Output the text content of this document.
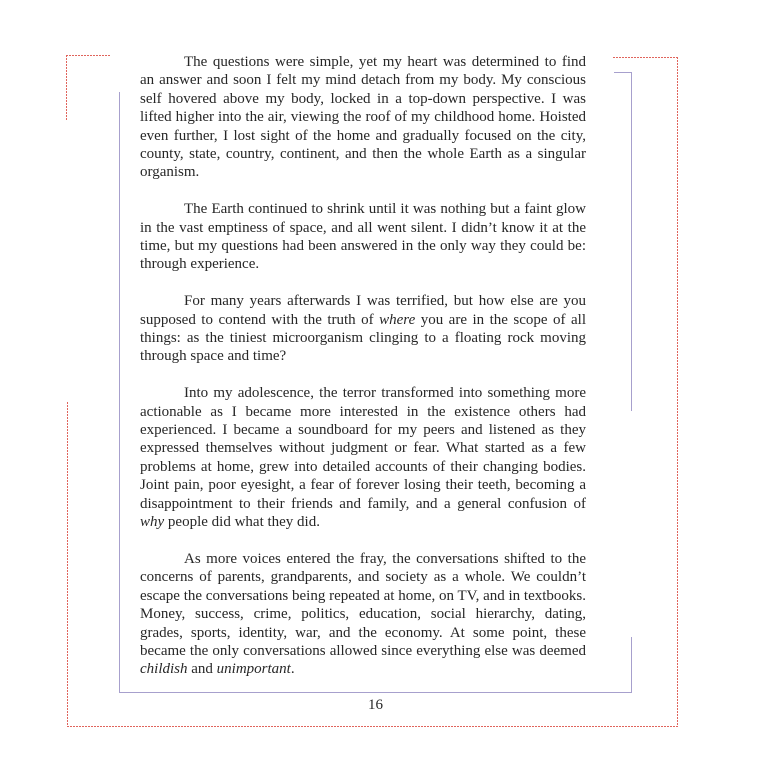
The questions were simple, yet my heart was determined to find an answer and soon I felt my mind detach from my body. My conscious self hovered above my body, locked in a top-down perspective. I was lifted higher into the air, viewing the roof of my childhood home. Hoisted even further, I lost sight of the home and gradually focused on the city, county, state, country, continent, and then the whole Earth as a singular organism.

The Earth continued to shrink until it was nothing but a faint glow in the vast emptiness of space, and all went silent. I didn’t know it at the time, but my questions had been answered in the only way they could be: through experience.

For many years afterwards I was terrified, but how else are you supposed to contend with the truth of where you are in the scope of all things: as the tiniest microorganism clinging to a floating rock moving through space and time?

Into my adolescence, the terror transformed into something more actionable as I became more interested in the existence others had experienced. I became a soundboard for my peers and listened as they expressed themselves without judgment or fear. What started as a few problems at home, grew into detailed accounts of their changing bodies. Joint pain, poor eyesight, a fear of forever losing their teeth, becoming a disappointment to their friends and family, and a general confusion of why people did what they did.

As more voices entered the fray, the conversations shifted to the concerns of parents, grandparents, and society as a whole. We couldn’t escape the conversations being repeated at home, on TV, and in textbooks. Money, success, crime, politics, education, social hierarchy, dating, grades, sports, identity, war, and the economy. At some point, these became the only conversations allowed since everything else was deemed childish and unimportant.

16
